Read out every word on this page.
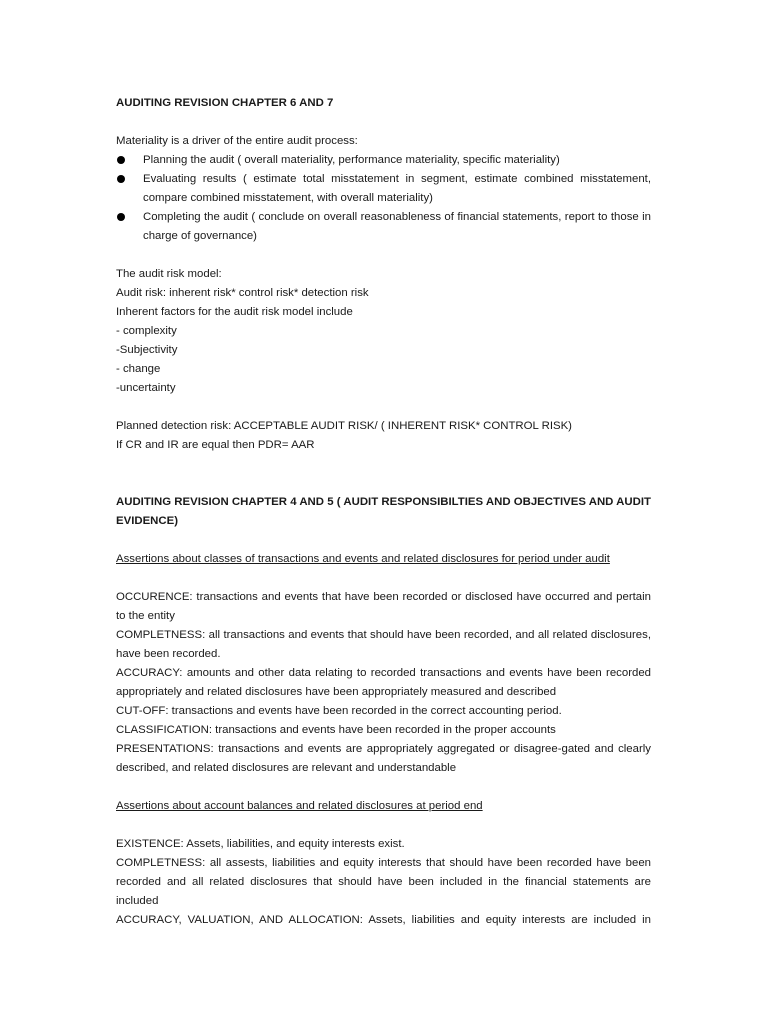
AUDITING REVISION CHAPTER 6 AND 7
Materiality is a driver of the entire audit process:
Planning the audit ( overall materiality, performance materiality, specific materiality)
Evaluating results ( estimate total misstatement in segment, estimate combined misstatement, compare combined misstatement, with overall materiality)
Completing the audit ( conclude on overall reasonableness of financial statements, report to those in charge of governance)
The audit risk model:
Audit risk: inherent risk* control risk* detection risk
Inherent factors for the audit risk model include
- complexity
-Subjectivity
- change
-uncertainty
Planned detection risk: ACCEPTABLE AUDIT RISK/ ( INHERENT RISK* CONTROL RISK)
If CR and IR are equal then PDR= AAR

AUDITING REVISION CHAPTER 4 AND 5 ( AUDIT RESPONSIBILTIES AND OBJECTIVES AND AUDIT EVIDENCE)

Assertions about classes of transactions and events and related disclosures for period under audit

OCCURENCE: transactions and events that have been recorded or disclosed have occurred and pertain to the entity

COMPLETNESS: all transactions and events that should have been recorded, and all related disclosures, have been recorded.

ACCURACY: amounts and other data relating to recorded transactions and events have been recorded appropriately and related disclosures have been appropriately measured and described

CUT-OFF: transactions and events have been recorded in the correct accounting period.

CLASSIFICATION: transactions and events have been recorded in the proper accounts

PRESENTATIONS: transactions and events are appropriately aggregated or disagree-gated and clearly described, and related disclosures are relevant and understandable

Assertions about account balances and related disclosures at period end

EXISTENCE: Assets, liabilities, and equity interests exist.

COMPLETNESS: all assests, liabilities and equity interests that should have been recorded have been recorded and all related disclosures that should have been included in the financial statements are included

ACCURACY, VALUATION, AND ALLOCATION: Assets, liabilities and equity interests are included in
